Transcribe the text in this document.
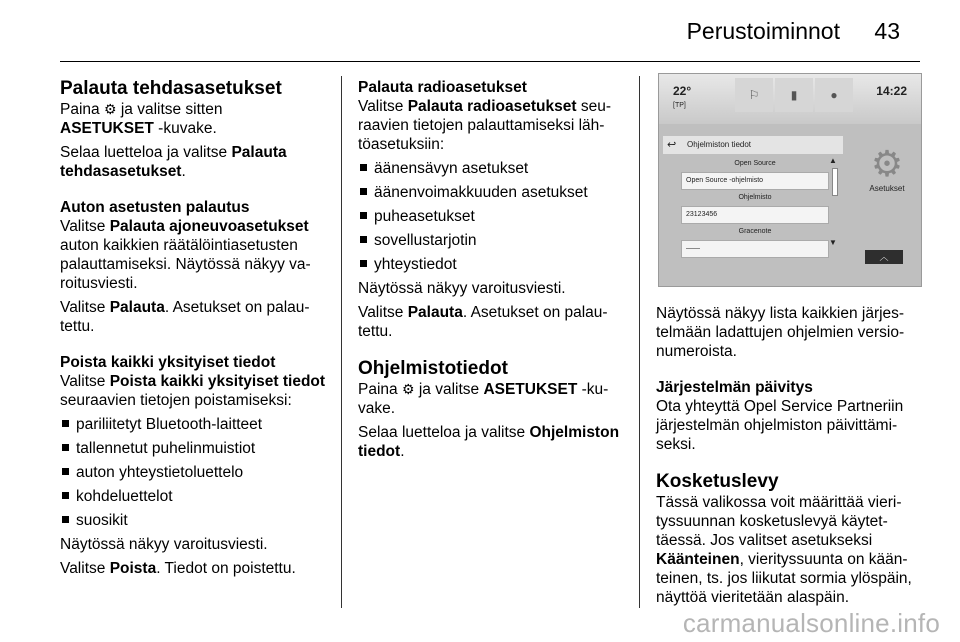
Perustoiminnot 43
Palauta tehdasasetukset

Paina ⚙ ja valitse sitten
ASETUKSET -kuvake.

Selaa luetteloa ja valitse Palauta tehdasasetukset.

Auton asetusten palautus

Valitse Palauta ajoneuvoasetukset
auton kaikkien räätälöintiasetusten palauttamiseksi. Näytössä näkyy va-roitusviesti.

Valitse Palauta. Asetukset on palau-tettu.

Poista kaikki yksityiset tiedot

Valitse Poista kaikki yksityiset tiedot
seuraavien tietojen poistamiseksi:

pariliitetyt Bluetooth-laitteet
tallennetut puhelinmuistiot
auton yhteystietoluettelo
kohdeluettelot
suosikit

Näytössä näkyy varoitusviesti.

Valitse Poista. Tiedot on poistettu.

Palauta radioasetukset

Valitse Palauta radioasetukset seu-raavien tietojen palauttamiseksi läh-töasetuksiin:

äänensävyn asetukset
äänenvoimakkuuden asetukset
puheasetukset
sovellustarjotin
yhteystiedot

Näytössä näkyy varoitusviesti.

Valitse Palauta. Asetukset on palau-tettu.

Ohjelmistotiedot

Paina ⚙ ja valitse ASETUKSET -ku-vake.

Selaa luetteloa ja valitse Ohjelmiston tiedot.

22°
[TP]
⚐	▮	●	14:22
↩ Ohjelmiston tiedot
Open Source
Open Source -ohjelmisto
Ohjelmisto
23123456
Gracenote
——
▲
▼
⚙
Asetukset
︿

Näytössä näkyy lista kaikkien järjes-telmään ladattujen ohjelmien versio-numeroista.

Järjestelmän päivitys

Ota yhteyttä Opel Service Partneriin järjestelmän ohjelmiston päivittämi-seksi.

Kosketuslevy

Tässä valikossa voit määrittää vieri-tyssuunnan kosketuslevyä käytet-täessä. Jos valitset asetukseksi Käänteinen, vierityssuunta on kään-teinen, ts. jos liikutat sormia ylöspäin, näyttöä vieritetään alaspäin.

carmanualsonline.info
